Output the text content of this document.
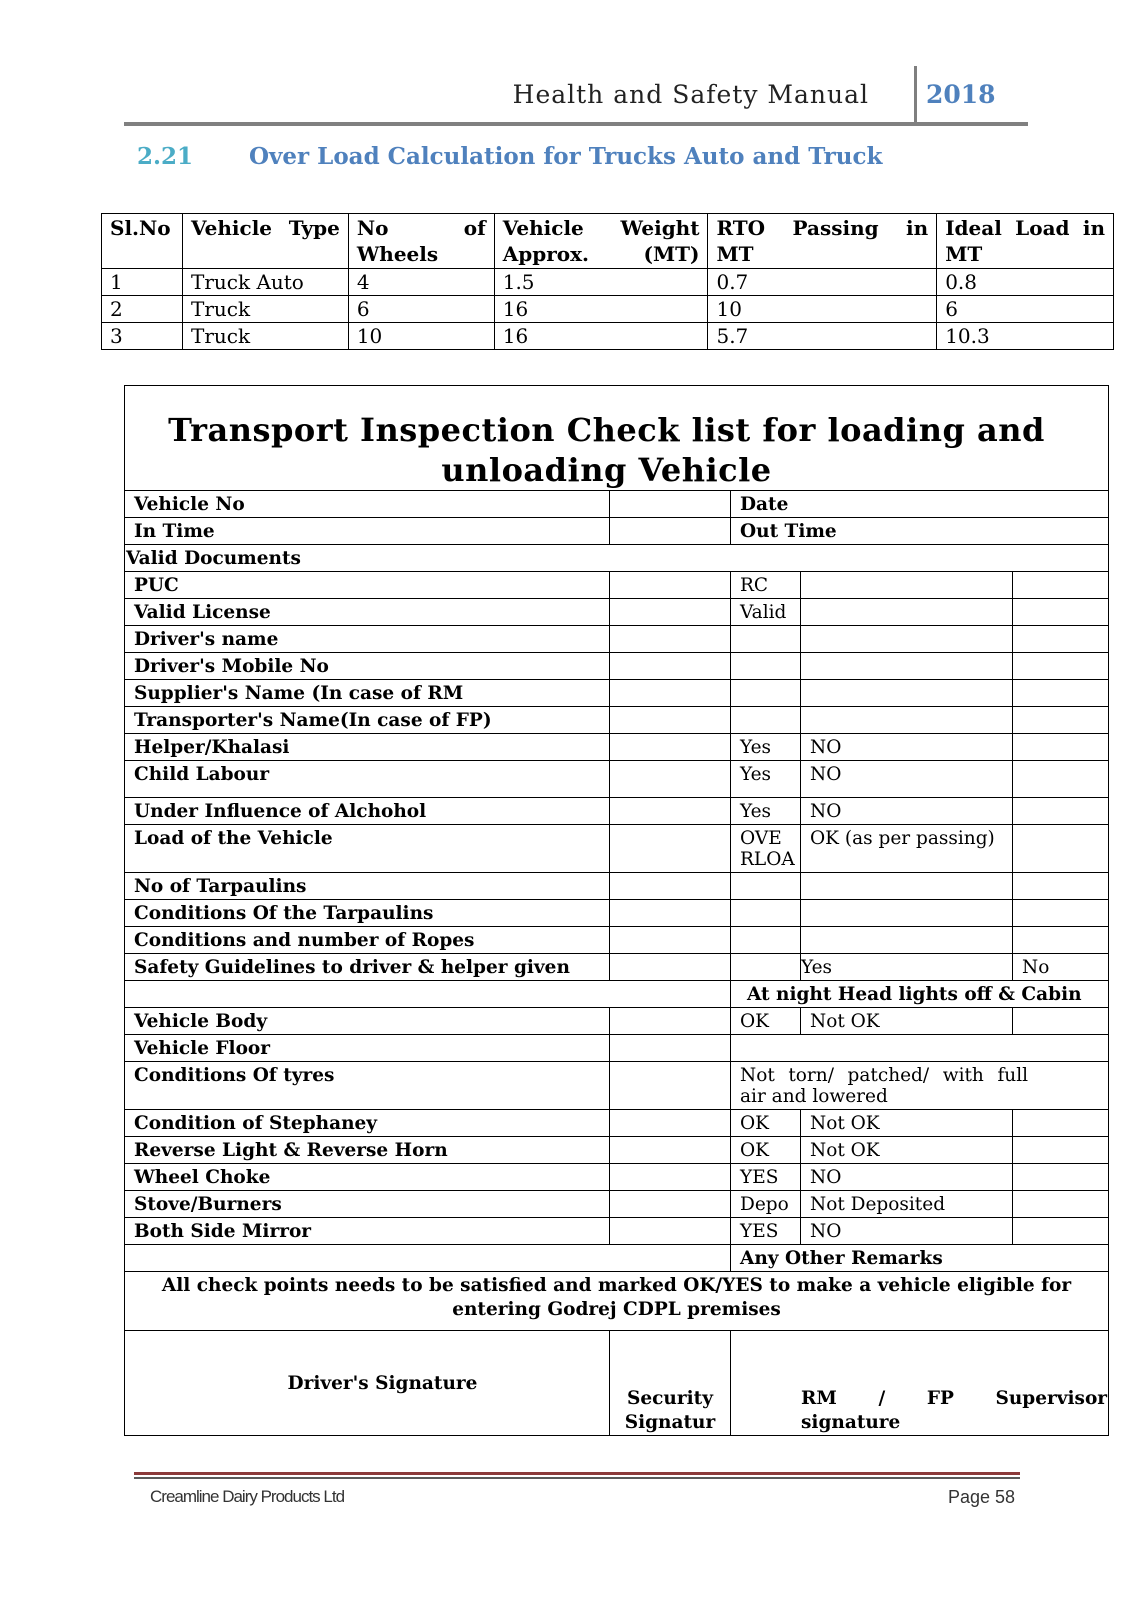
Health and Safety Manual 2018
2.21 Over Load Calculation for Trucks Auto and Truck
Sl.No	Vehicle Type	No of Wheels	Vehicle Weight Approx. (MT)	RTO Passing in MT	Ideal Load in MT
1	Truck Auto	4	1.5	0.7	0.8
2	Truck	6	16	10	6
3	Truck	10	16	5.7	10.3
Transport Inspection Check list for loading and unloading Vehicle				
Vehicle No		Date		
In Time		Out Time		
Valid Documents				
PUC		RC		
Valid License		Valid		
Driver's name				
Driver's Mobile No				
Supplier's Name (In case of RM				
Transporter's Name(In case of FP)				
Helper/Khalasi		Yes	NO	
Child Labour		Yes	NO	
Under Influence of Alchohol		Yes	NO	
Load of the Vehicle		OVE RLOA	OK (as per passing)	
No of Tarpaulins				
Conditions Of the Tarpaulins				
Conditions and number of Ropes				
Safety Guidelines to driver & helper given			Yes	No
		At night Head lights off & Cabin		
Vehicle Body		OK	Not OK	
Vehicle Floor				
Conditions Of tyres		Not torn/ patched/ with full air and lowered		
Condition of Stephaney		OK	Not OK	
Reverse Light & Reverse Horn		OK	Not OK	
Wheel Choke		YES	NO	
Stove/Burners		Depo	Not Deposited	
Both Side Mirror		YES	NO	
		Any Other Remarks		
All check points needs to be satisfied and marked OK/YES to make a vehicle eligible for entering Godrej CDPL premises				
Driver's Signature	Security Signatur	RM / FP Supervisor signature		
Creamline Dairy Products Ltd	Page 58
